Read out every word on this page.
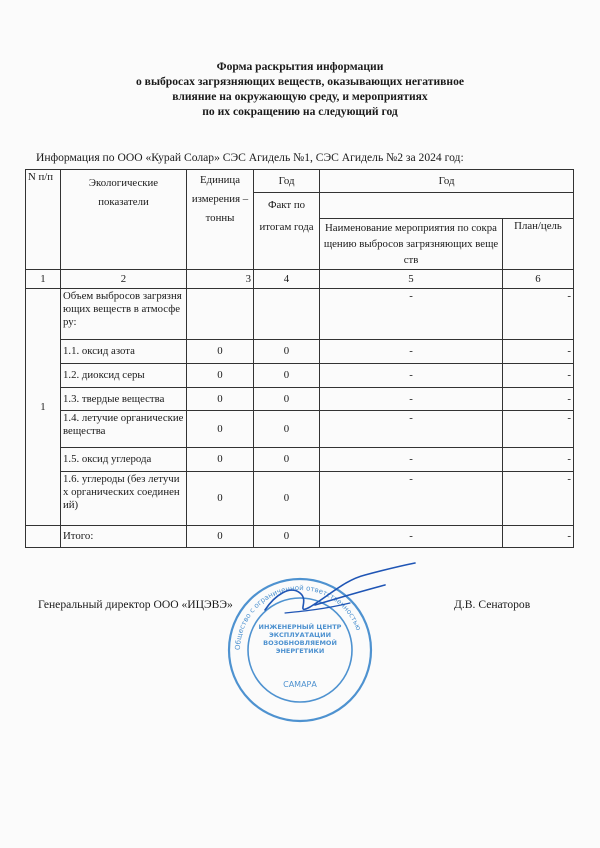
Форма раскрытия информации
о выбросах загрязняющих веществ, оказывающих негативное
влияние на окружающую среду, и мероприятиях
по их сокращению на следующий год
Информация по ООО «Курай Солар» СЭС Агидель №1, СЭС Агидель №2 за 2024 год:
N п/п	Экологические показатели	Единица измерения – тонны	Год	Год	
			Факт по итогам года		
				Наименование мероприятия по сокращению выбросов загрязняющих веществ	План/цель
1	2	3	4	5	6
1	Объем выбросов загрязняющих веществ в атмосферу:			-	-
	1.1. оксид азота	0	0	-	-
	1.2. диоксид серы	0	0	-	-
	1.3. твердые вещества	0	0	-	-
	1.4. летучие органические вещества	0	0	-	-
	1.5. оксид углерода	0	0	-	-
	1.6. углероды (без летучих органических соединений)	0	0	-	-
	Итого:	0	0	-	-
Генеральный директор ООО «ИЦЭВЭ»	Д.В. Сенаторов
Общество с ограниченной ответственностью
ИНЖЕНЕРНЫЙ ЦЕНТР ЭКСПЛУАТАЦИИ ВОЗОБНОВЛЯЕМОЙ ЭНЕРГЕТИКИ
САМАРА
